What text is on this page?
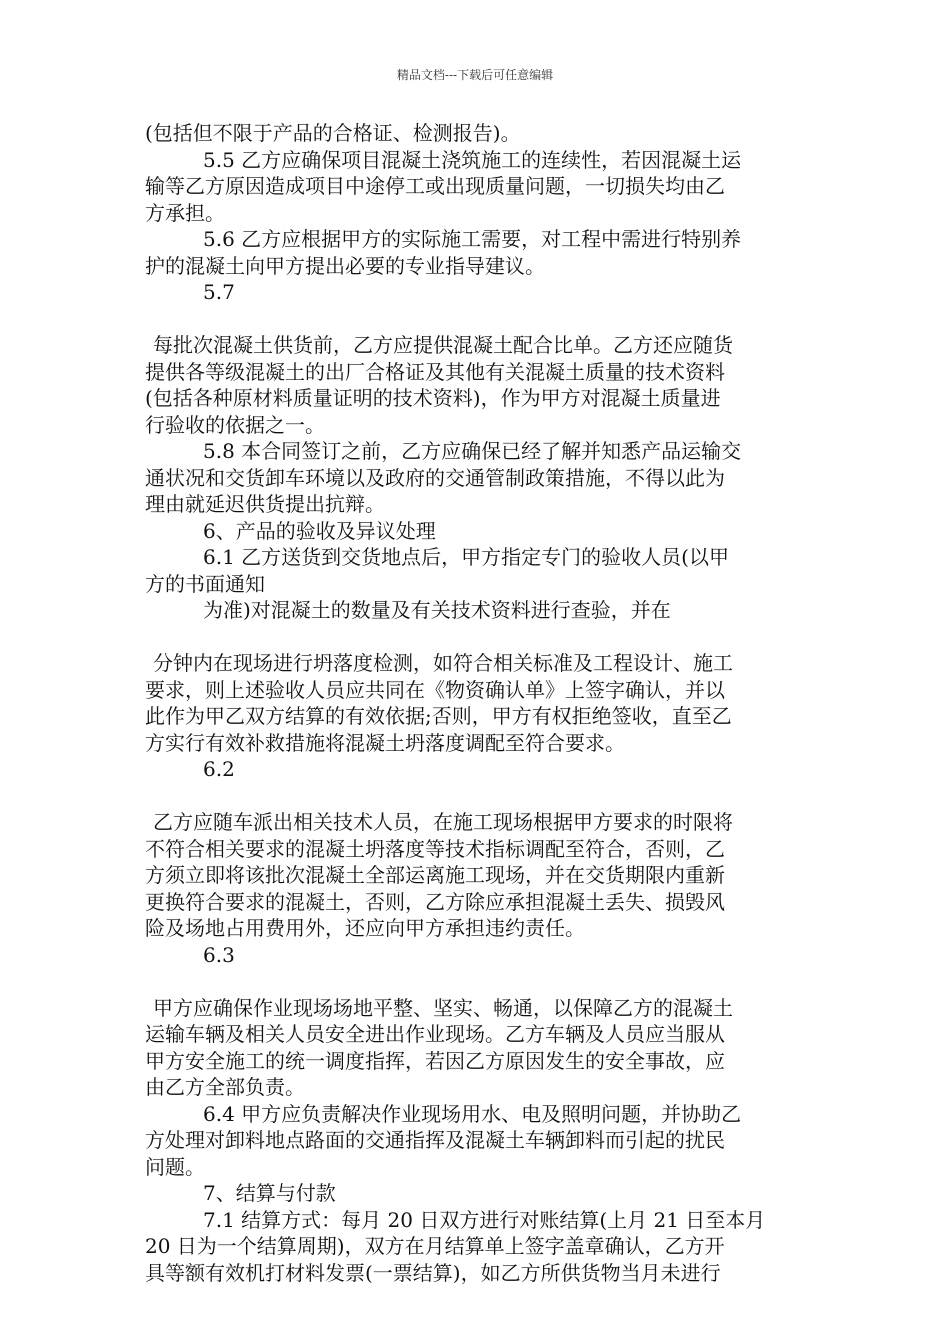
精品文档---下载后可任意编辑
(包括但不限于产品的合格证、检测报告)。
5.5 乙方应确保项目混凝土浇筑施工的连续性，若因混凝土运
输等乙方原因造成项目中途停工或出现质量问题，一切损失均由乙
方承担。
5.6 乙方应根据甲方的实际施工需要，对工程中需进行特别养
护的混凝土向甲方提出必要的专业指导建议。
5.7

每批次混凝土供货前，乙方应提供混凝土配合比单。乙方还应随货
提供各等级混凝土的出厂合格证及其他有关混凝土质量的技术资料
(包括各种原材料质量证明的技术资料)，作为甲方对混凝土质量进
行验收的依据之一。
5.8 本合同签订之前，乙方应确保已经了解并知悉产品运输交
通状况和交货卸车环境以及政府的交通管制政策措施，不得以此为
理由就延迟供货提出抗辩。
6、产品的验收及异议处理
6.1 乙方送货到交货地点后，甲方指定专门的验收人员(以甲
方的书面通知
为准)对混凝土的数量及有关技术资料进行查验，并在

分钟内在现场进行坍落度检测，如符合相关标准及工程设计、施工
要求，则上述验收人员应共同在《物资确认单》上签字确认，并以
此作为甲乙双方结算的有效依据;否则，甲方有权拒绝签收，直至乙
方实行有效补救措施将混凝土坍落度调配至符合要求。
6.2

乙方应随车派出相关技术人员，在施工现场根据甲方要求的时限将
不符合相关要求的混凝土坍落度等技术指标调配至符合，否则，乙
方须立即将该批次混凝土全部运离施工现场，并在交货期限内重新
更换符合要求的混凝土，否则，乙方除应承担混凝土丢失、损毁风
险及场地占用费用外，还应向甲方承担违约责任。
6.3

甲方应确保作业现场场地平整、坚实、畅通，以保障乙方的混凝土
运输车辆及相关人员安全进出作业现场。乙方车辆及人员应当服从
甲方安全施工的统一调度指挥，若因乙方原因发生的安全事故，应
由乙方全部负责。
6.4 甲方应负责解决作业现场用水、电及照明问题，并协助乙
方处理对卸料地点路面的交通指挥及混凝土车辆卸料而引起的扰民
问题。
7、结算与付款
7.1 结算方式：每月 20 日双方进行对账结算(上月 21 日至本月
20 日为一个结算周期)，双方在月结算单上签字盖章确认，乙方开
具等额有效机打材料发票(一票结算)，如乙方所供货物当月未进行
